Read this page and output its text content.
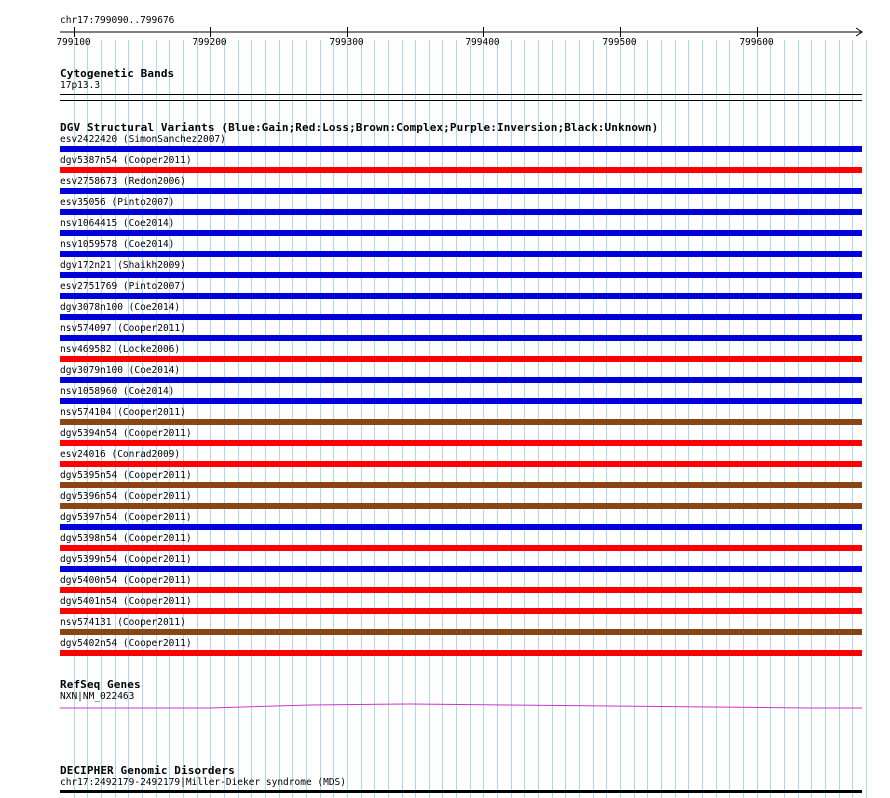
chr17:799090..799676
799100	799200	799300	799400	799500	799600
Cytogenetic Bands
17p13.3
DGV Structural Variants (Blue:Gain;Red:Loss;Brown:Complex;Purple:Inversion;Black:Unknown)
esv2422420 (SimonSanchez2007)
dgv5387n54 (Cooper2011)
esv2758673 (Redon2006)
esv35056 (Pinto2007)
nsv1064415 (Coe2014)
nsv1059578 (Coe2014)
dgv172n21 (Shaikh2009)
esv2751769 (Pinto2007)
dgv3078n100 (Coe2014)
nsv574097 (Cooper2011)
nsv469582 (Locke2006)
dgv3079n100 (Coe2014)
nsv1058960 (Coe2014)
nsv574104 (Cooper2011)
dgv5394n54 (Cooper2011)
esv24016 (Conrad2009)
dgv5395n54 (Cooper2011)
dgv5396n54 (Cooper2011)
dgv5397n54 (Cooper2011)
dgv5398n54 (Cooper2011)
dgv5399n54 (Cooper2011)
dgv5400n54 (Cooper2011)
dgv5401n54 (Cooper2011)
nsv574131 (Cooper2011)
dgv5402n54 (Cooper2011)
RefSeq Genes
NXN|NM_022463
DECIPHER Genomic Disorders
chr17:2492179-2492179|Miller-Dieker syndrome (MDS)
